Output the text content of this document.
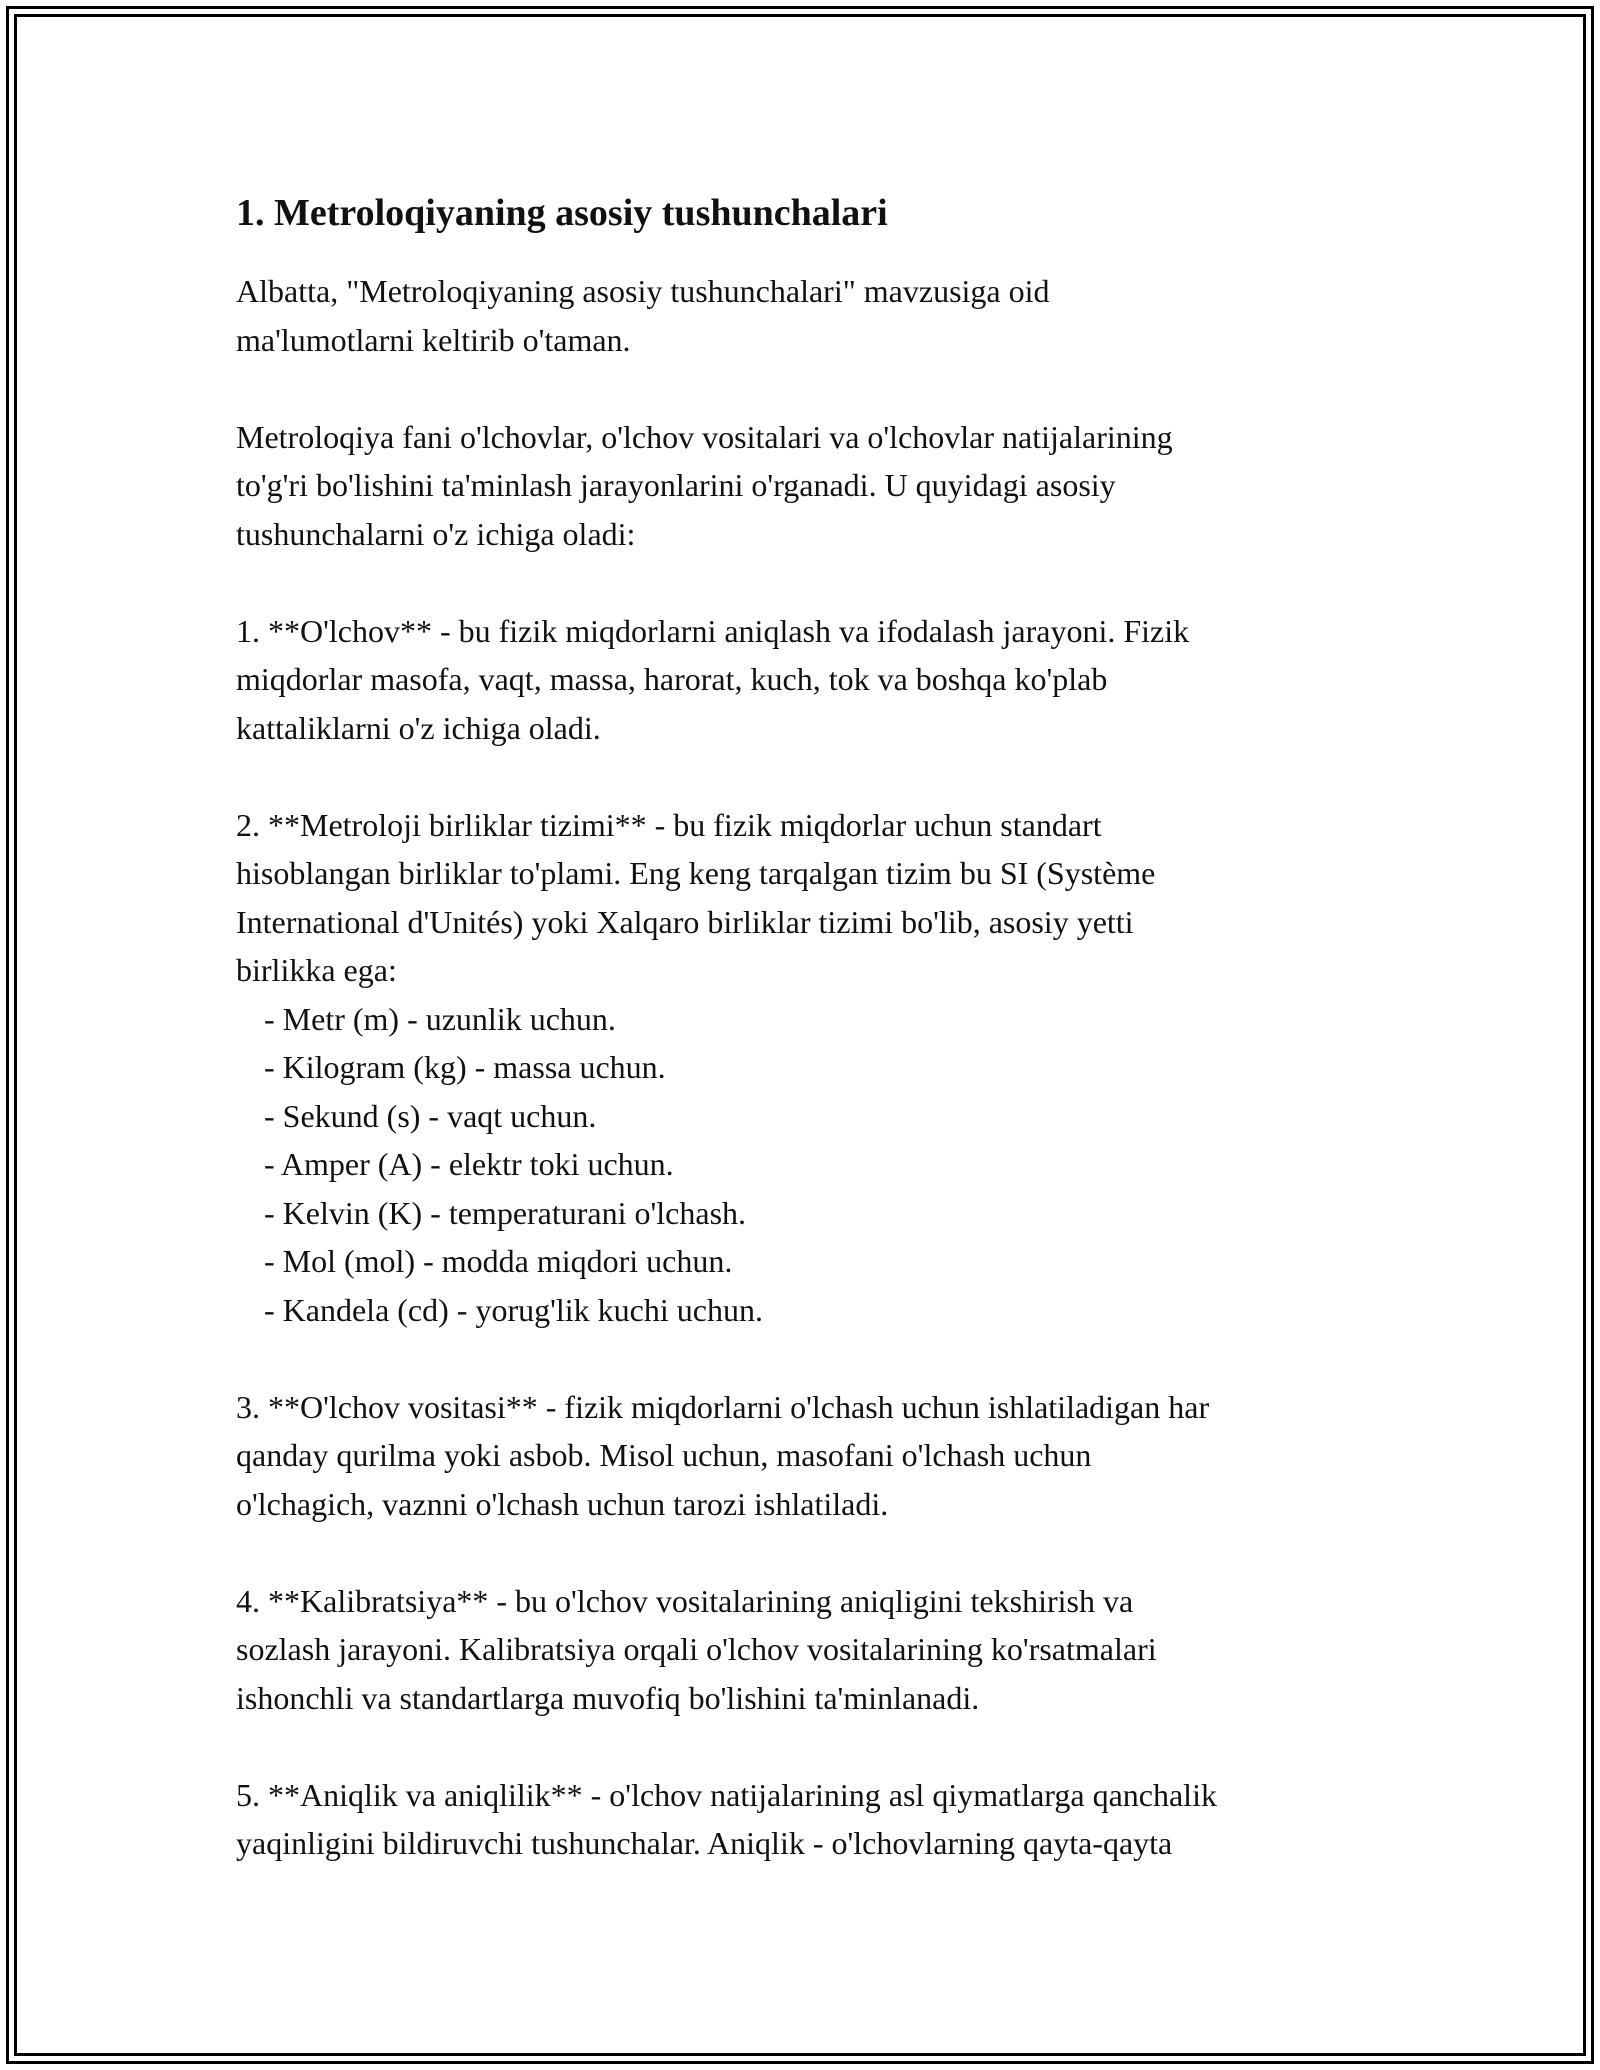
1. Metroloqiyaning asosiy tushunchalari

Albatta, "Metroloqiyaning asosiy tushunchalari" mavzusiga oid
ma'lumotlarni keltirib o'taman.

Metroloqiya fani o'lchovlar, o'lchov vositalari va o'lchovlar natijalarining
to'g'ri bo'lishini ta'minlash jarayonlarini o'rganadi. U quyidagi asosiy
tushunchalarni o'z ichiga oladi:

1. **O'lchov** - bu fizik miqdorlarni aniqlash va ifodalash jarayoni. Fizik
miqdorlar masofa, vaqt, massa, harorat, kuch, tok va boshqa ko'plab
kattaliklarni o'z ichiga oladi.

2. **Metroloji birliklar tizimi** - bu fizik miqdorlar uchun standart
hisoblangan birliklar to'plami. Eng keng tarqalgan tizim bu SI (Système
International d'Unités) yoki Xalqaro birliklar tizimi bo'lib, asosiy yetti
birlikka ega:

- Metr (m) - uzunlik uchun.

- Kilogram (kg) - massa uchun.

- Sekund (s) - vaqt uchun.

- Amper (A) - elektr toki uchun.

- Kelvin (K) - temperaturani o'lchash.

- Mol (mol) - modda miqdori uchun.

- Kandela (cd) - yorug'lik kuchi uchun.

3. **O'lchov vositasi** - fizik miqdorlarni o'lchash uchun ishlatiladigan har
qanday qurilma yoki asbob. Misol uchun, masofani o'lchash uchun
o'lchagich, vaznni o'lchash uchun tarozi ishlatiladi.

4. **Kalibratsiya** - bu o'lchov vositalarining aniqligini tekshirish va
sozlash jarayoni. Kalibratsiya orqali o'lchov vositalarining ko'rsatmalari
ishonchli va standartlarga muvofiq bo'lishini ta'minlanadi.

5. **Aniqlik va aniqlilik** - o'lchov natijalarining asl qiymatlarga qanchalik
yaqinligini bildiruvchi tushunchalar. Aniqlik - o'lchovlarning qayta-qayta
